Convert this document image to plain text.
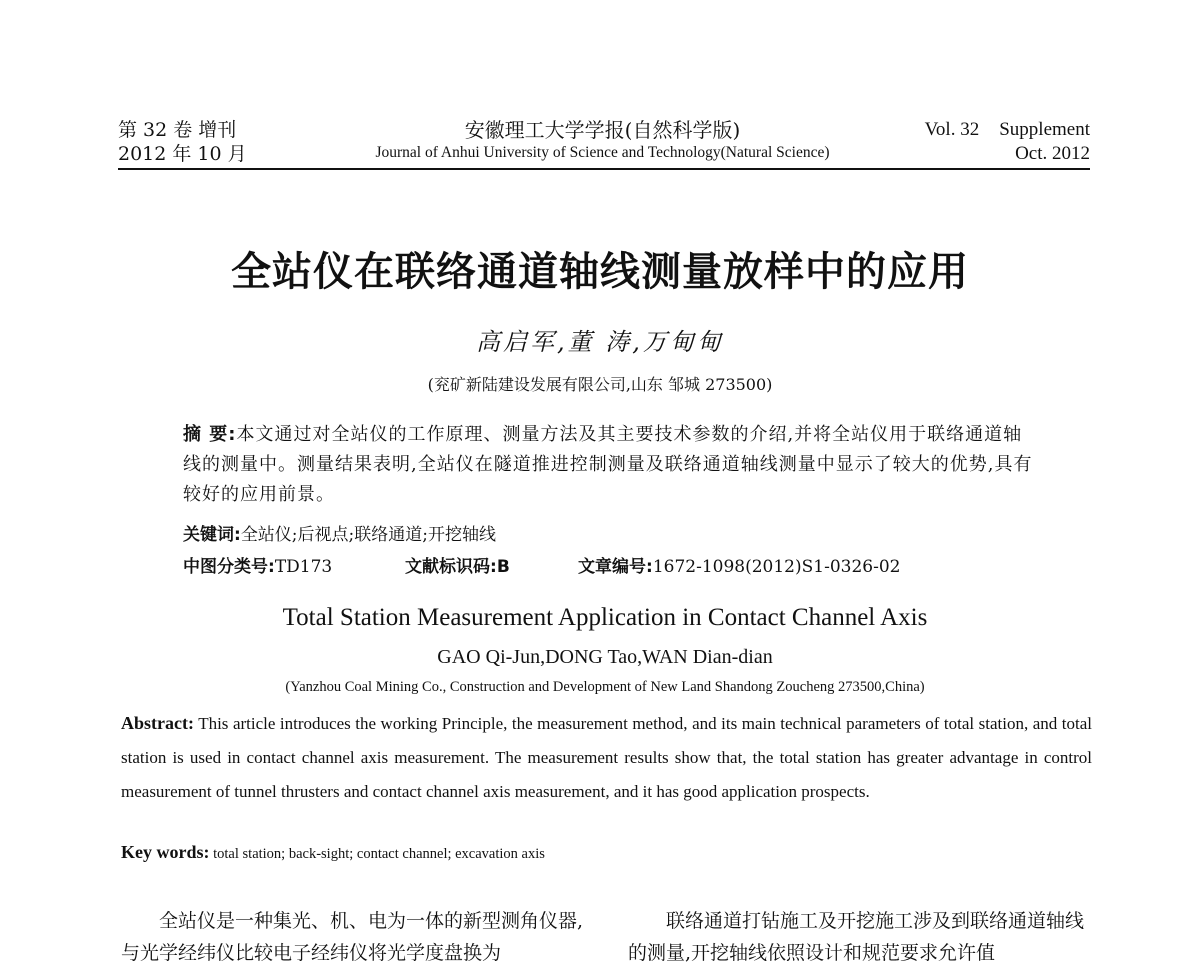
第 32 卷 增刊
2012 年 10 月
安徽理工大学学报(自然科学版)
Journal of Anhui University of Science and Technology(Natural Science)
Vol. 32 Supplement
Oct. 2012
全站仪在联络通道轴线测量放样中的应用
高启军,董 涛,万甸甸
(兖矿新陆建设发展有限公司,山东 邹城 273500)
摘 要:本文通过对全站仪的工作原理、测量方法及其主要技术参数的介绍,并将全站仪用于联络通道轴线的测量中。测量结果表明,全站仪在隧道推进控制测量及联络通道轴线测量中显示了较大的优势,具有较好的应用前景。
关键词:全站仪;后视点;联络通道;开挖轴线
中图分类号:TD173	文献标识码:B	文章编号:1672-1098(2012)S1-0326-02
Total Station Measurement Application in Contact Channel Axis
GAO Qi-Jun,DONG Tao,WAN Dian-dian
(Yanzhou Coal Mining Co., Construction and Development of New Land Shandong Zoucheng 273500,China)
Abstract: This article introduces the working Principle, the measurement method, and its main technical parameters of total station, and total station is used in contact channel axis measurement. The measurement results show that, the total station has greater advantage in control measurement of tunnel thrusters and contact channel axis measurement, and it has good application prospects.
Key words: total station; back-sight; contact channel; excavation axis
全站仪是一种集光、机、电为一体的新型测角仪器,与光学经纬仪比较电子经纬仪将光学度盘换为
联络通道打钻施工及开挖施工涉及到联络通道轴线的测量,开挖轴线依照设计和规范要求允许值
